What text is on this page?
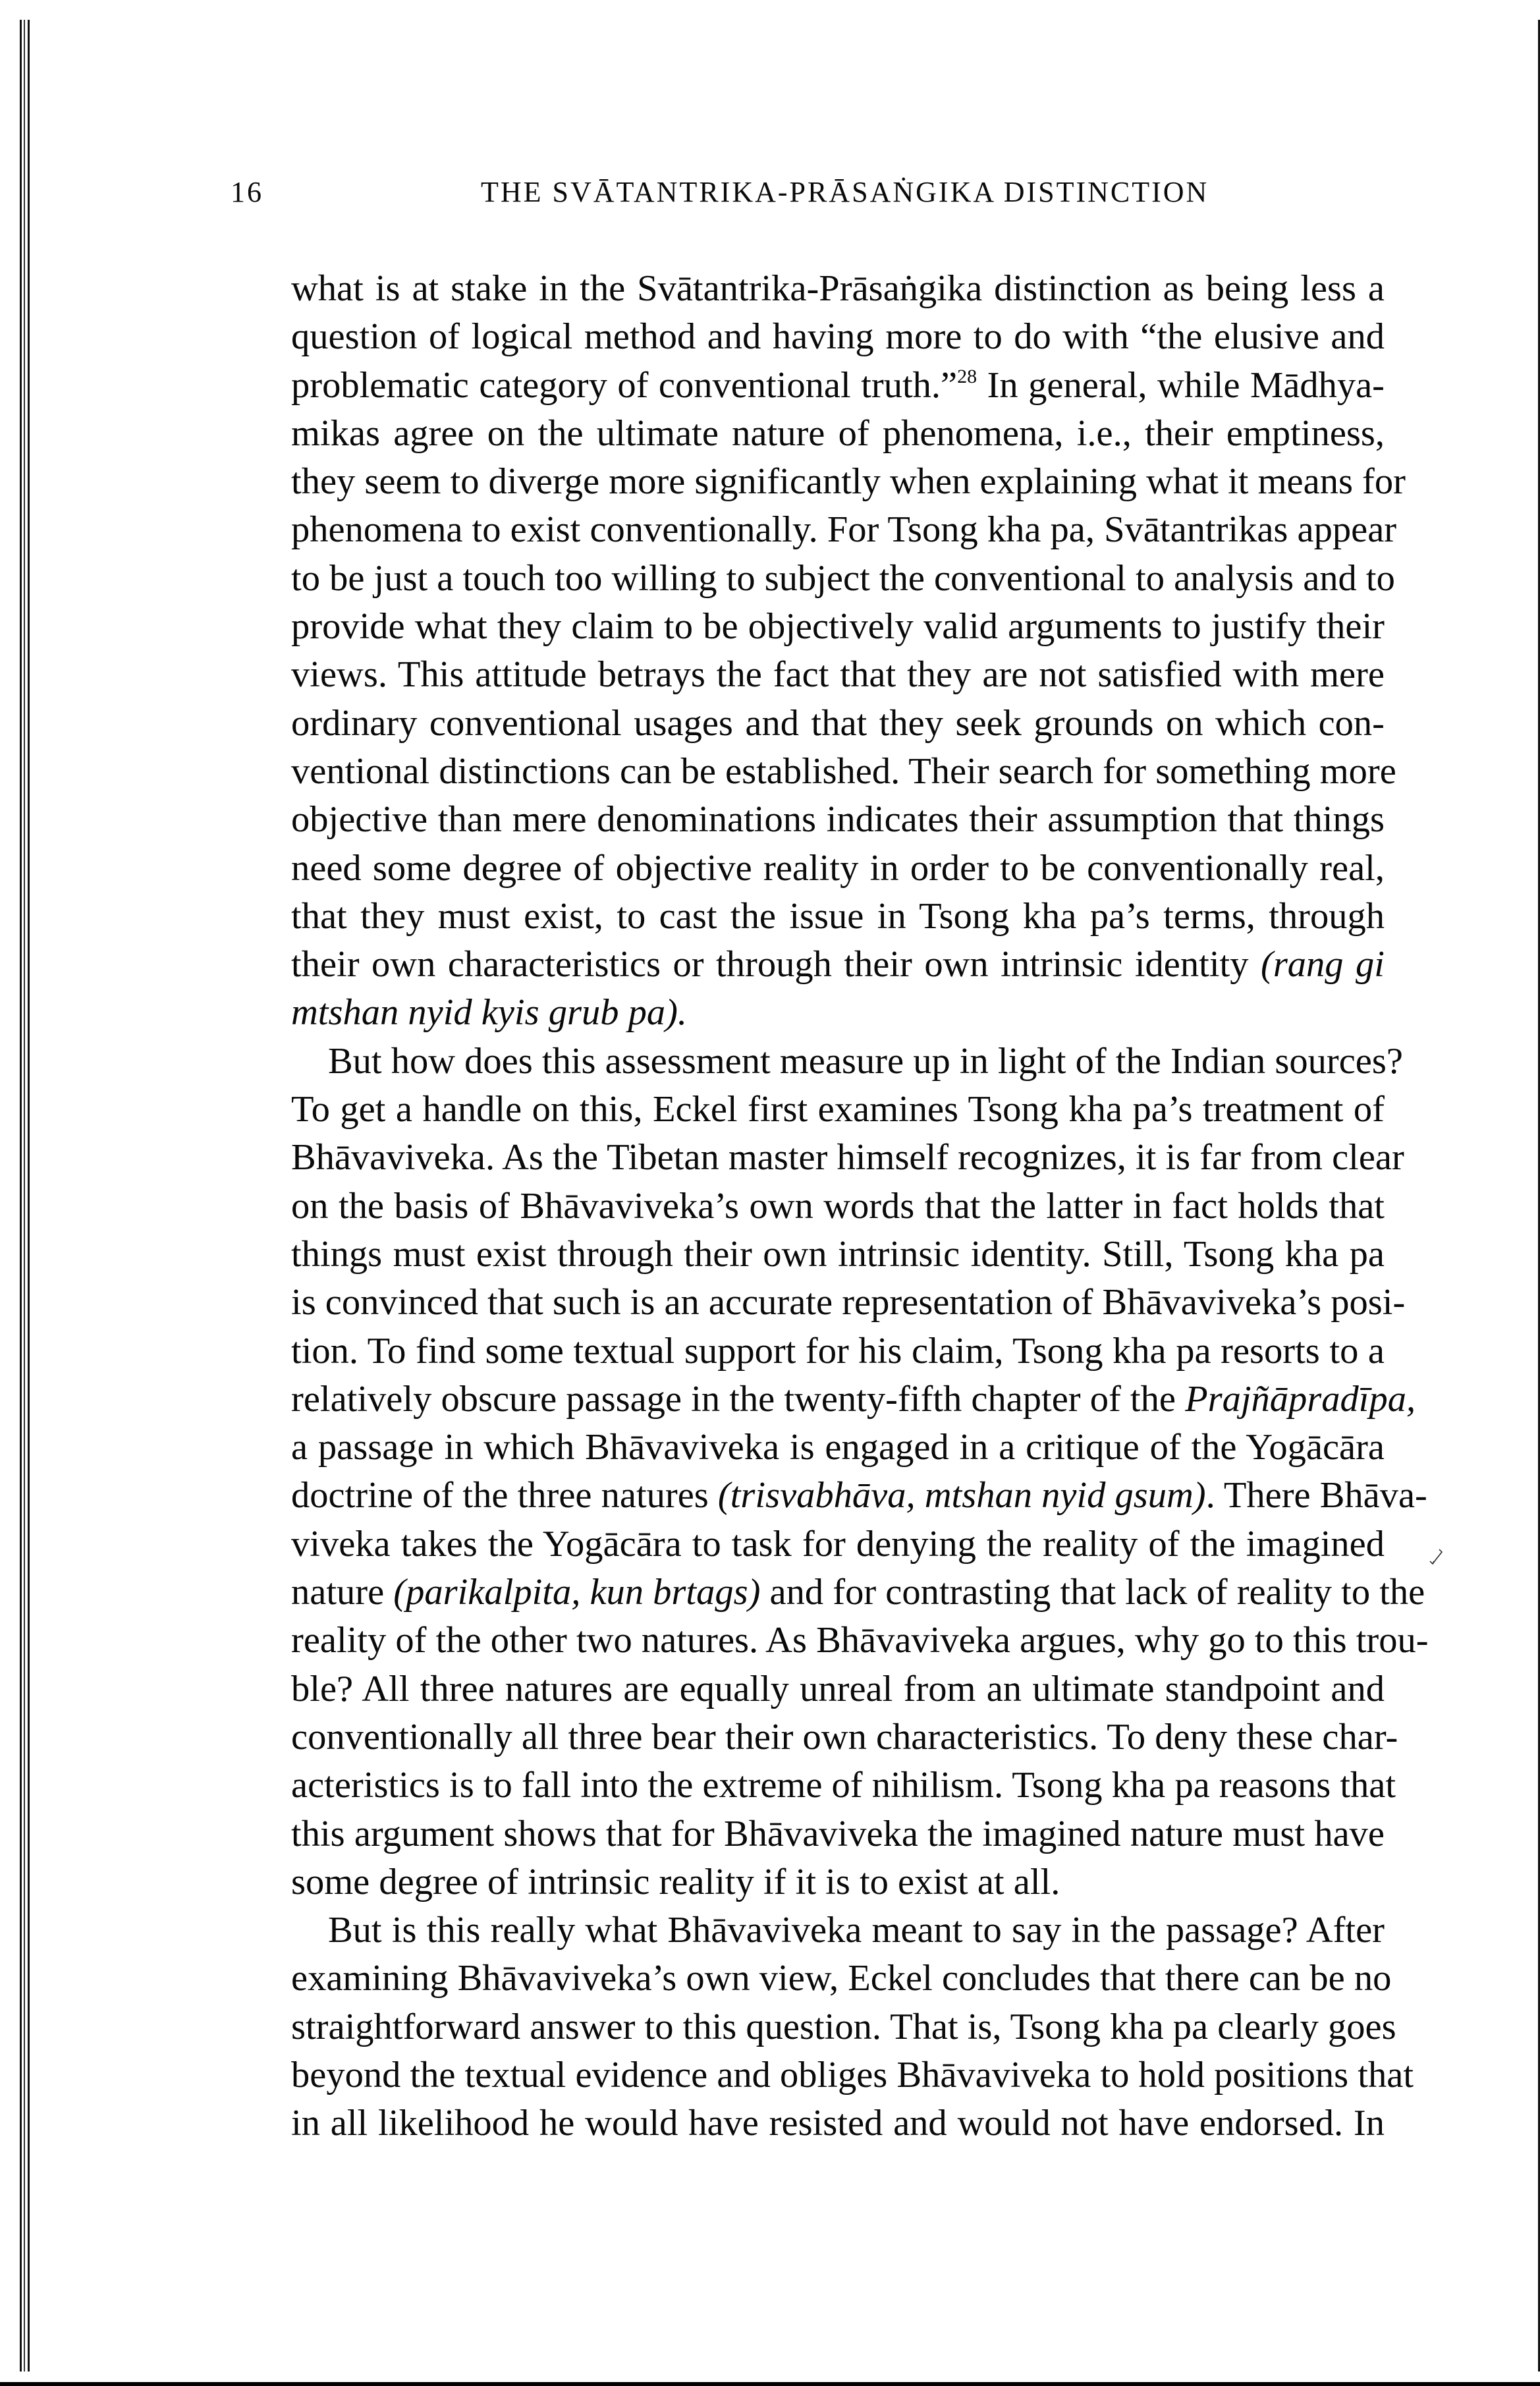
16	THE SVĀTANTRIKA-PRĀSAṄGIKA DISTINCTION
what is at stake in the Svātantrika-Prāsaṅgika distinction as being less a
question of logical method and having more to do with “the elusive and
problematic category of conventional truth.”$^{28}$ In general, while Mādhya-
mikas agree on the ultimate nature of phenomena, i.e., their emptiness,
they seem to diverge more significantly when explaining what it means for
phenomena to exist conventionally. For Tsong kha pa, Svātantrikas appear
to be just a touch too willing to subject the conventional to analysis and to
provide what they claim to be objectively valid arguments to justify their
views. This attitude betrays the fact that they are not satisfied with mere
ordinary conventional usages and that they seek grounds on which con-
ventional distinctions can be established. Their search for something more
objective than mere denominations indicates their assumption that things
need some degree of objective reality in order to be conventionally real,
that they must exist, to cast the issue in Tsong kha pa’s terms, through
their own characteristics or through their own intrinsic identity (rang gi
mtshan nyid kyis grub pa).
But how does this assessment measure up in light of the Indian sources?
To get a handle on this, Eckel first examines Tsong kha pa’s treatment of
Bhāvaviveka. As the Tibetan master himself recognizes, it is far from clear
on the basis of Bhāvaviveka’s own words that the latter in fact holds that
things must exist through their own intrinsic identity. Still, Tsong kha pa
is convinced that such is an accurate representation of Bhāvaviveka’s posi-
tion. To find some textual support for his claim, Tsong kha pa resorts to a
relatively obscure passage in the twenty-fifth chapter of the Prajñāpradīpa,
a passage in which Bhāvaviveka is engaged in a critique of the Yogācāra
doctrine of the three natures (trisvabhāva, mtshan nyid gsum). There Bhāva-
viveka takes the Yogācāra to task for denying the reality of the imagined
nature (parikalpita, kun brtags) and for contrasting that lack of reality to the
reality of the other two natures. As Bhāvaviveka argues, why go to this trou-
ble? All three natures are equally unreal from an ultimate standpoint and
conventionally all three bear their own characteristics. To deny these char-
acteristics is to fall into the extreme of nihilism. Tsong kha pa reasons that
this argument shows that for Bhāvaviveka the imagined nature must have
some degree of intrinsic reality if it is to exist at all.
But is this really what Bhāvaviveka meant to say in the passage? After
examining Bhāvaviveka’s own view, Eckel concludes that there can be no
straightforward answer to this question. That is, Tsong kha pa clearly goes
beyond the textual evidence and obliges Bhāvaviveka to hold positions that
in all likelihood he would have resisted and would not have endorsed. In
